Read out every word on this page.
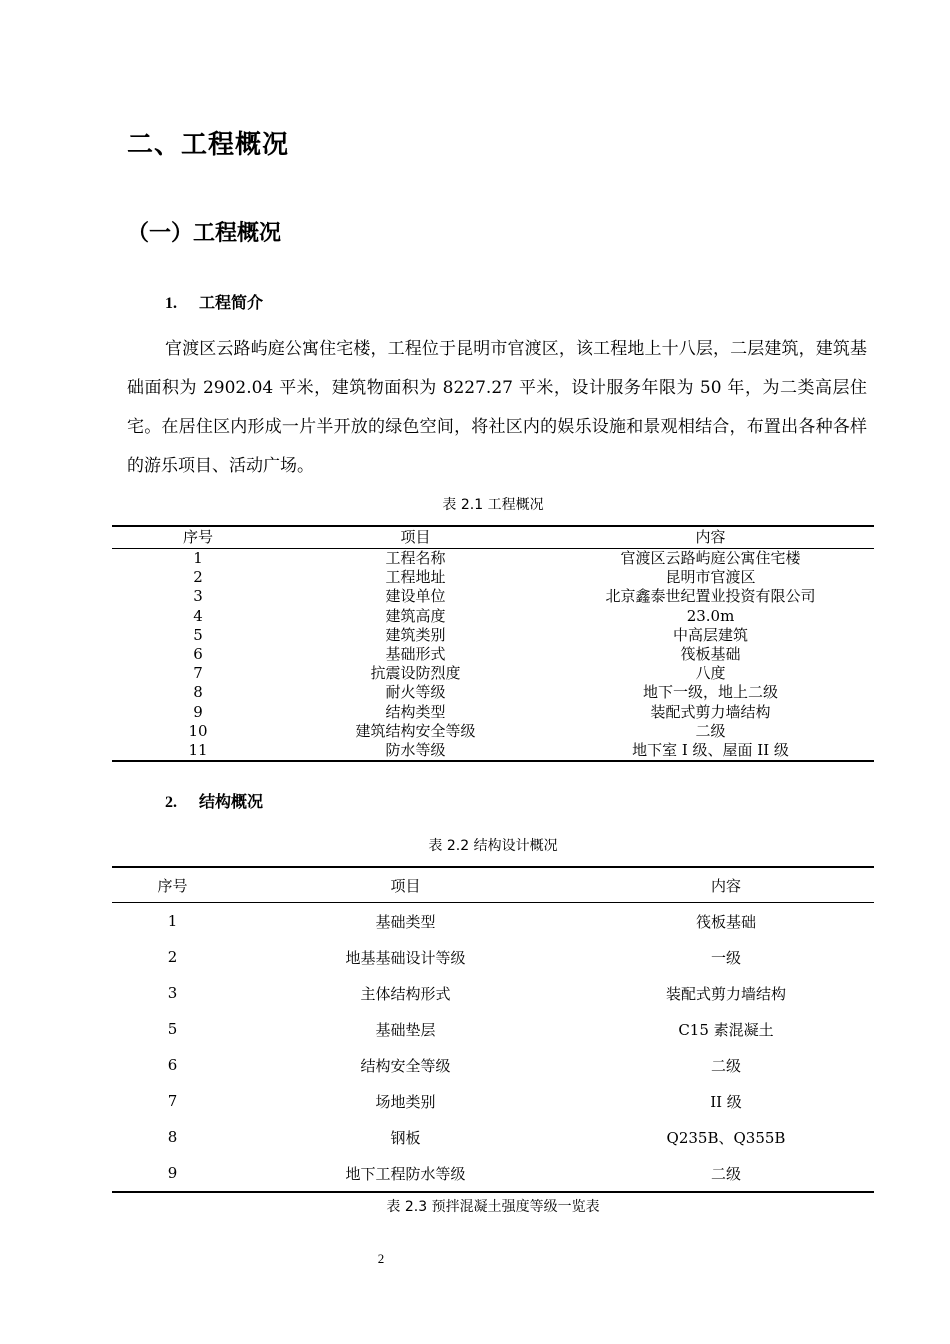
二、工程概况
（一）工程概况
1. 工程简介

官渡区云路屿庭公寓住宅楼，工程位于昆明市官渡区，该工程地上十八层，二层建筑，建筑基础面积为 2902.04 平米，建筑物面积为 8227.27 平米，设计服务年限为 50 年，为二类高层住宅。在居住区内形成一片半开放的绿色空间，将社区内的娱乐设施和景观相结合，布置出各种各样的游乐项目、活动广场。

表 2.1 工程概况
序号	项目	内容
1	工程名称	官渡区云路屿庭公寓住宅楼
2	工程地址	昆明市官渡区
3	建设单位	北京鑫泰世纪置业投资有限公司
4	建筑高度	23.0m
5	建筑类别	中高层建筑
6	基础形式	筏板基础
7	抗震设防烈度	八度
8	耐火等级	地下一级，地上二级
9	结构类型	装配式剪力墙结构
10	建筑结构安全等级	二级
11	防水等级	地下室 I 级、屋面 II 级
2. 结构概况
表 2.2 结构设计概况
序号	项目	内容
1	基础类型	筏板基础
2	地基基础设计等级	一级
3	主体结构形式	装配式剪力墙结构
5	基础垫层	C15 素混凝土
6	结构安全等级	二级
7	场地类别	II 级
8	钢板	Q235B、Q355B
9	地下工程防水等级	二级
表 2.3 预拌混凝土强度等级一览表
2
